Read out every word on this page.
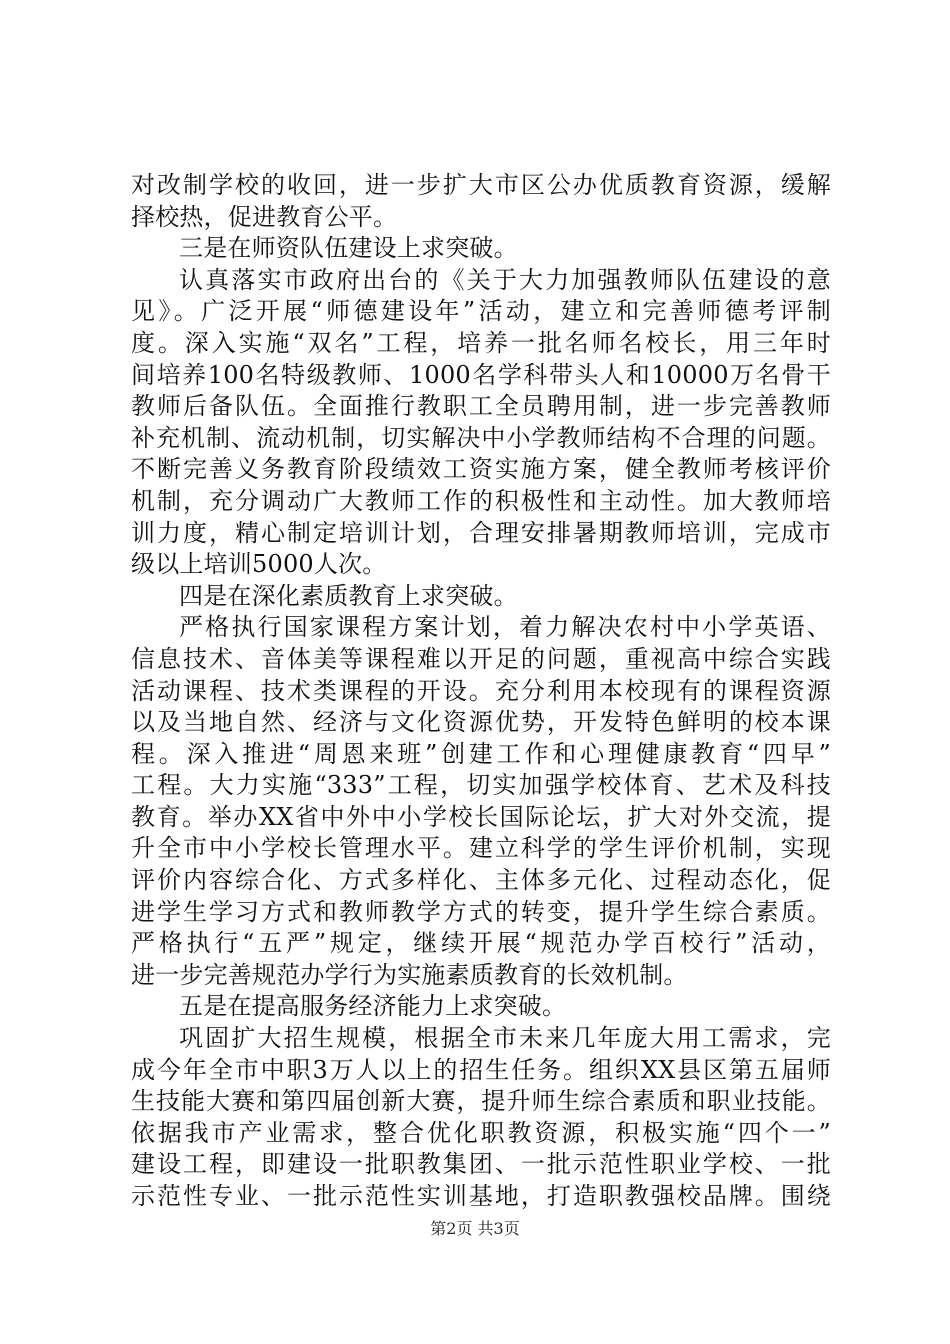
对改制学校的收回，进一步扩大市区公办优质教育资源，缓解
择校热，促进教育公平。
三是在师资队伍建设上求突破。
认真落实市政府出台的《关于大力加强教师队伍建设的意
见》。广泛开展“师德建设年”活动，建立和完善师德考评制
度。深入实施“双名”工程，培养一批名师名校长，用三年时
间培养100名特级教师、1000名学科带头人和10000万名骨干
教师后备队伍。全面推行教职工全员聘用制，进一步完善教师
补充机制、流动机制，切实解决中小学教师结构不合理的问题。
不断完善义务教育阶段绩效工资实施方案，健全教师考核评价
机制，充分调动广大教师工作的积极性和主动性。加大教师培
训力度，精心制定培训计划，合理安排暑期教师培训，完成市
级以上培训5000人次。
四是在深化素质教育上求突破。
严格执行国家课程方案计划，着力解决农村中小学英语、
信息技术、音体美等课程难以开足的问题，重视高中综合实践
活动课程、技术类课程的开设。充分利用本校现有的课程资源
以及当地自然、经济与文化资源优势，开发特色鲜明的校本课
程。深入推进“周恩来班”创建工作和心理健康教育“四早”
工程。大力实施“333”工程，切实加强学校体育、艺术及科技
教育。举办XX省中外中小学校长国际论坛，扩大对外交流，提
升全市中小学校长管理水平。建立科学的学生评价机制，实现
评价内容综合化、方式多样化、主体多元化、过程动态化，促
进学生学习方式和教师教学方式的转变，提升学生综合素质。
严格执行“五严”规定，继续开展“规范办学百校行”活动，
进一步完善规范办学行为实施素质教育的长效机制。
五是在提高服务经济能力上求突破。
巩固扩大招生规模，根据全市未来几年庞大用工需求，完
成今年全市中职3万人以上的招生任务。组织XX县区第五届师
生技能大赛和第四届创新大赛，提升师生综合素质和职业技能。
依据我市产业需求，整合优化职教资源，积极实施“四个一”
建设工程，即建设一批职教集团、一批示范性职业学校、一批
示范性专业、一批示范性实训基地，打造职教强校品牌。围绕
第2页 共3页
